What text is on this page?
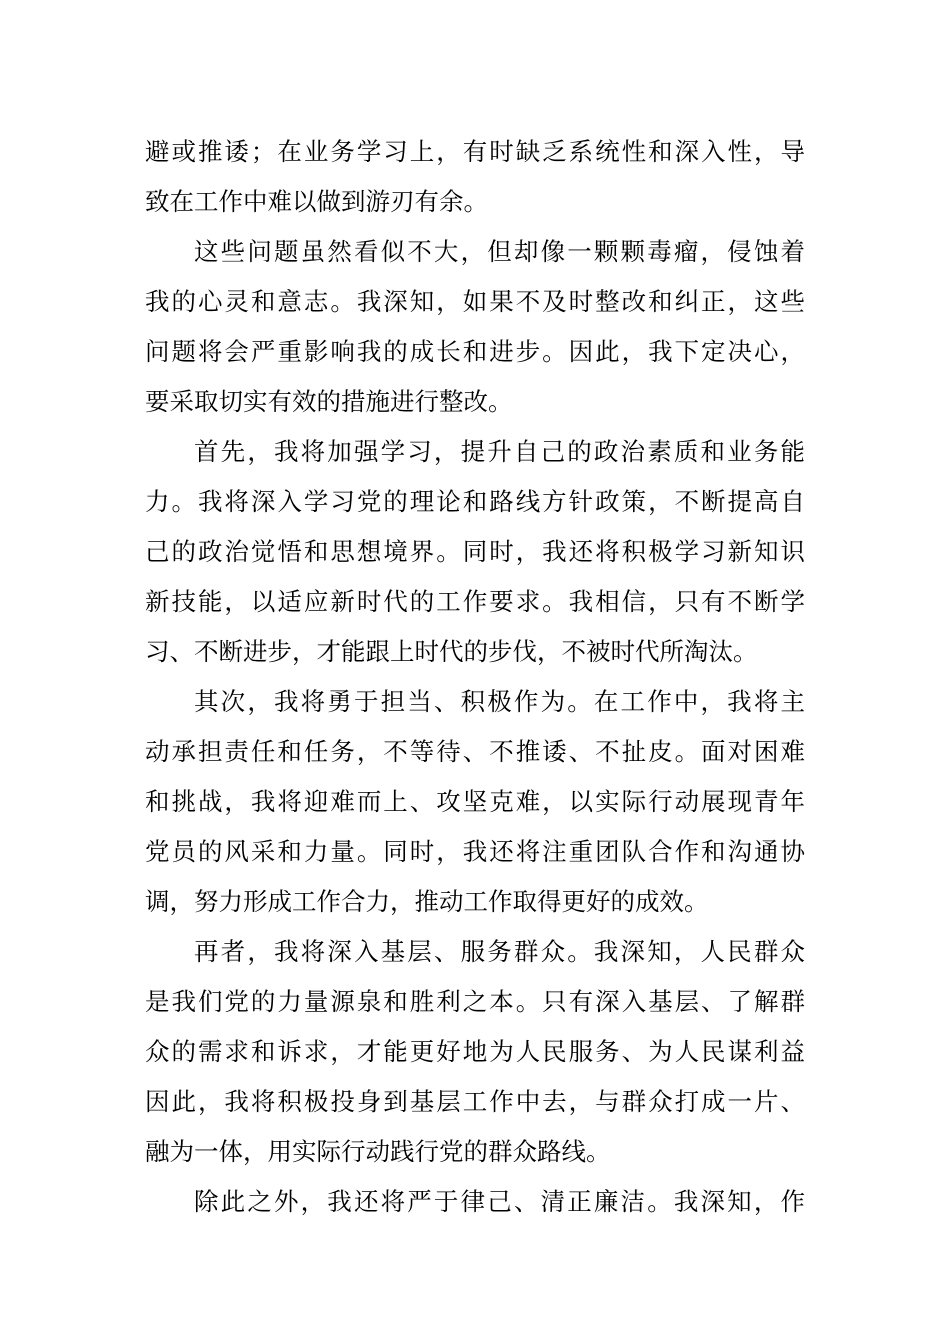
避或推诿；在业务学习上，有时缺乏系统性和深入性，导
致在工作中难以做到游刃有余。
这些问题虽然看似不大，但却像一颗颗毒瘤，侵蚀着
我的心灵和意志。我深知，如果不及时整改和纠正，这些
问题将会严重影响我的成长和进步。因此，我下定决心，
要采取切实有效的措施进行整改。
首先，我将加强学习，提升自己的政治素质和业务能
力。我将深入学习党的理论和路线方针政策，不断提高自
己的政治觉悟和思想境界。同时，我还将积极学习新知识
新技能，以适应新时代的工作要求。我相信，只有不断学
习、不断进步，才能跟上时代的步伐，不被时代所淘汰。
其次，我将勇于担当、积极作为。在工作中，我将主
动承担责任和任务，不等待、不推诿、不扯皮。面对困难
和挑战，我将迎难而上、攻坚克难，以实际行动展现青年
党员的风采和力量。同时，我还将注重团队合作和沟通协
调，努力形成工作合力，推动工作取得更好的成效。
再者，我将深入基层、服务群众。我深知，人民群众
是我们党的力量源泉和胜利之本。只有深入基层、了解群
众的需求和诉求，才能更好地为人民服务、为人民谋利益
因此，我将积极投身到基层工作中去，与群众打成一片、
融为一体，用实际行动践行党的群众路线。
除此之外，我还将严于律己、清正廉洁。我深知，作
